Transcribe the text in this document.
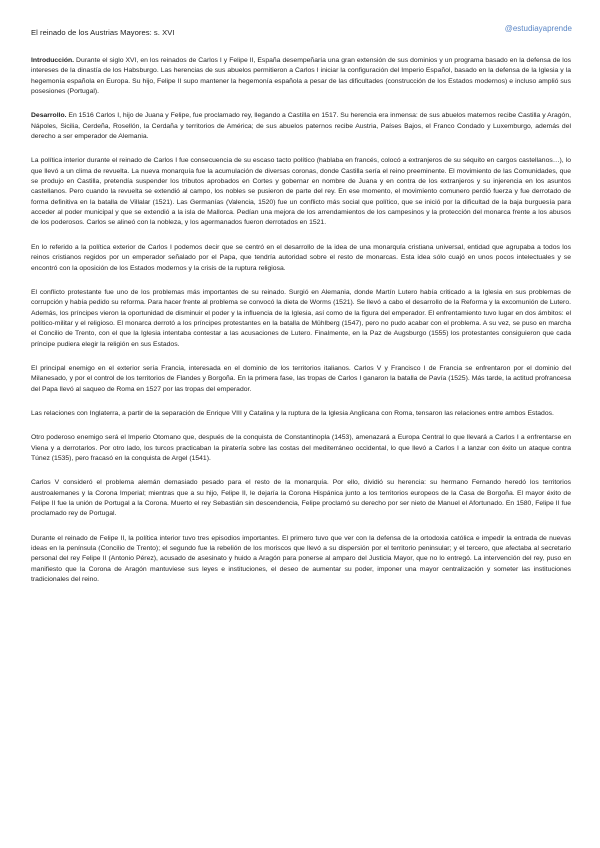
El reinado de los Austrias Mayores: s. XVI	@estudiayaprende

Introducción. Durante el siglo XVI, en los reinados de Carlos I y Felipe II, España desempeñaría una gran extensión de sus dominios y un programa basado en la defensa de los intereses de la dinastía de los Habsburgo. Las herencias de sus abuelos permitieron a Carlos I iniciar la configuración del Imperio Español, basado en la defensa de la Iglesia y la hegemonía española en Europa. Su hijo, Felipe II supo mantener la hegemonía española a pesar de las dificultades (construcción de los Estados modernos) e incluso amplió sus posesiones (Portugal).

Desarrollo. En 1516 Carlos I, hijo de Juana y Felipe, fue proclamado rey, llegando a Castilla en 1517. Su herencia era inmensa: de sus abuelos maternos recibe Castilla y Aragón, Nápoles, Sicilia, Cerdeña, Rosellón, la Cerdaña y territorios de América; de sus abuelos paternos recibe Austria, Países Bajos, el Franco Condado y Luxemburgo, además del derecho a ser emperador de Alemania.

La política interior durante el reinado de Carlos I fue consecuencia de su escaso tacto político (hablaba en francés, colocó a extranjeros de su séquito en cargos castellanos…), lo que llevó a un clima de revuelta. La nueva monarquía fue la acumulación de diversas coronas, donde Castilla sería el reino preeminente. El movimiento de las Comunidades, que se produjo en Castilla, pretendía suspender los tributos aprobados en Cortes y gobernar en nombre de Juana y en contra de los extranjeros y su injerencia en los asuntos castellanos. Pero cuando la revuelta se extendió al campo, los nobles se pusieron de parte del rey. En ese momento, el movimiento comunero perdió fuerza y fue derrotado de forma definitiva en la batalla de Villalar (1521). Las Germanías (Valencia, 1520) fue un conflicto más social que político, que se inició por la dificultad de la baja burguesía para acceder al poder municipal y que se extendió a la isla de Mallorca. Pedían una mejora de los arrendamientos de los campesinos y la protección del monarca frente a los abusos de los poderosos. Carlos se alineó con la nobleza, y los agermanados fueron derrotados en 1521.

En lo referido a la política exterior de Carlos I podemos decir que se centró en el desarrollo de la idea de una monarquía cristiana universal, entidad que agrupaba a todos los reinos cristianos regidos por un emperador señalado por el Papa, que tendría autoridad sobre el resto de monarcas. Esta idea sólo cuajó en unos pocos intelectuales y se encontró con la oposición de los Estados modernos y la crisis de la ruptura religiosa.

El conflicto protestante fue uno de los problemas más importantes de su reinado. Surgió en Alemania, donde Martín Lutero había criticado a la Iglesia en sus problemas de corrupción y había pedido su reforma. Para hacer frente al problema se convocó la dieta de Worms (1521). Se llevó a cabo el desarrollo de la Reforma y la excomunión de Lutero. Además, los príncipes vieron la oportunidad de disminuir el poder y la influencia de la Iglesia, así como de la figura del emperador. El enfrentamiento tuvo lugar en dos ámbitos: el político-militar y el religioso. El monarca derrotó a los príncipes protestantes en la batalla de Mühlberg (1547), pero no pudo acabar con el problema. A su vez, se puso en marcha el Concilio de Trento, con el que la Iglesia intentaba contestar a las acusaciones de Lutero. Finalmente, en la Paz de Augsburgo (1555) los protestantes consiguieron que cada príncipe pudiera elegir la religión en sus Estados.

El principal enemigo en el exterior sería Francia, interesada en el dominio de los territorios italianos. Carlos V y Francisco I de Francia se enfrentaron por el dominio del Milanesado, y por el control de los territorios de Flandes y Borgoña. En la primera fase, las tropas de Carlos I ganaron la batalla de Pavía (1525). Más tarde, la actitud profrancesa del Papa llevó al saqueo de Roma en 1527 por las tropas del emperador.

Las relaciones con Inglaterra, a partir de la separación de Enrique VIII y Catalina y la ruptura de la Iglesia Anglicana con Roma, tensaron las relaciones entre ambos Estados.

Otro poderoso enemigo será el Imperio Otomano que, después de la conquista de Constantinopla (1453), amenazará a Europa Central lo que llevará a Carlos I a enfrentarse en Viena y a derrotarlos. Por otro lado, los turcos practicaban la piratería sobre las costas del mediterráneo occidental, lo que llevó a Carlos I a lanzar con éxito un ataque contra Túnez (1535), pero fracasó en la conquista de Argel (1541).

Carlos V consideró el problema alemán demasiado pesado para el resto de la monarquía. Por ello, dividió su herencia: su hermano Fernando heredó los territorios austroalemanes y la Corona Imperial; mientras que a su hijo, Felipe II, le dejaría la Corona Hispánica junto a los territorios europeos de la Casa de Borgoña. El mayor éxito de Felipe II fue la unión de Portugal a la Corona. Muerto el rey Sebastián sin descendencia, Felipe proclamó su derecho por ser nieto de Manuel el Afortunado. En 1580, Felipe II fue proclamado rey de Portugal.

Durante el reinado de Felipe II, la política interior tuvo tres episodios importantes. El primero tuvo que ver con la defensa de la ortodoxia católica e impedir la entrada de nuevas ideas en la península (Concilio de Trento); el segundo fue la rebelión de los moriscos que llevó a su dispersión por el territorio peninsular; y el tercero, que afectaba al secretario personal del rey Felipe II (Antonio Pérez), acusado de asesinato y huido a Aragón para ponerse al amparo del Justicia Mayor, que no lo entregó. La intervención del rey, puso en manifiesto que la Corona de Aragón mantuviese sus leyes e instituciones, el deseo de aumentar su poder, imponer una mayor centralización y someter las instituciones tradicionales del reino.
